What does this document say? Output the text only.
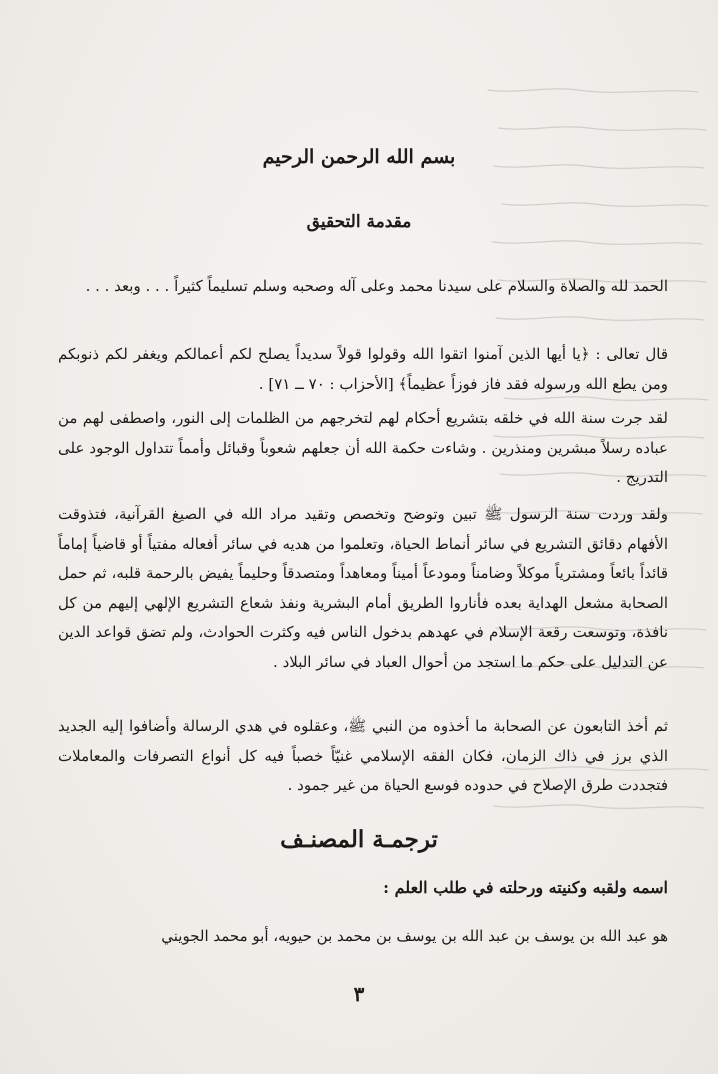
بسم الله الرحمن الرحيم
مقدمة التحقيق

الحمد لله والصلاة والسلام على سيدنا محمد وعلى آله وصحبه وسلم تسليماً كثيراً . . . وبعد . . .

قال تعالى : ﴿يا أيها الذين آمنوا اتقوا الله وقولوا قولاً سديداً يصلح لكم أعمالكم ويغفر لكم ذنوبكم ومن يطع الله ورسوله فقد فاز فوزاً عظيماً﴾ [الأحزاب : ٧٠ ــ ٧١] .

لقد جرت سنة الله في خلقه بتشريع أحكام لهم لتخرجهم من الظلمات إلى النور، واصطفى لهم من عباده رسلاً مبشرين ومنذرين . وشاءت حكمة الله أن جعلهم شعوباً وقبائل وأمماً تتداول الوجود على التدريج .

ولقد وردت سنة الرسول ﷺ تبين وتوضح وتخصص وتقيد مراد الله في الصيغ القرآنية، فتذوقت الأفهام دقائق التشريع في سائر أنماط الحياة، وتعلموا من هديه في سائر أفعاله مفتياً أو قاضياً إماماً قائداً بائعاً ومشترياً موكلاً وضامناً ومودعاً أميناً ومعاهداً ومتصدقاً وحليماً يفيض بالرحمة قلبه، ثم حمل الصحابة مشعل الهداية بعده فأناروا الطريق أمام البشرية ونفذ شعاع التشريع الإلهي إليهم من كل نافذة، وتوسعت رقعة الإسلام في عهدهم بدخول الناس فيه وكثرت الحوادث، ولم تضق قواعد الدين عن التدليل على حكم ما استجد من أحوال العباد في سائر البلاد .

ثم أخذ التابعون عن الصحابة ما أخذوه من النبي ﷺ، وعقلوه في هدي الرسالة وأضافوا إليه الجديد الذي برز في ذاك الزمان، فكان الفقه الإسلامي غنيّاً خصباً فيه كل أنواع التصرفات والمعاملات فتجددت طرق الإصلاح في حدوده فوسع الحياة من غير جمود .

ترجمـة المصنـف
اسمه ولقبه وكنيته ورحلته في طلب العلم :

هو عبد الله بن يوسف بن عبد الله بن يوسف بن محمد بن حيويه، أبو محمد الجويني

٣
